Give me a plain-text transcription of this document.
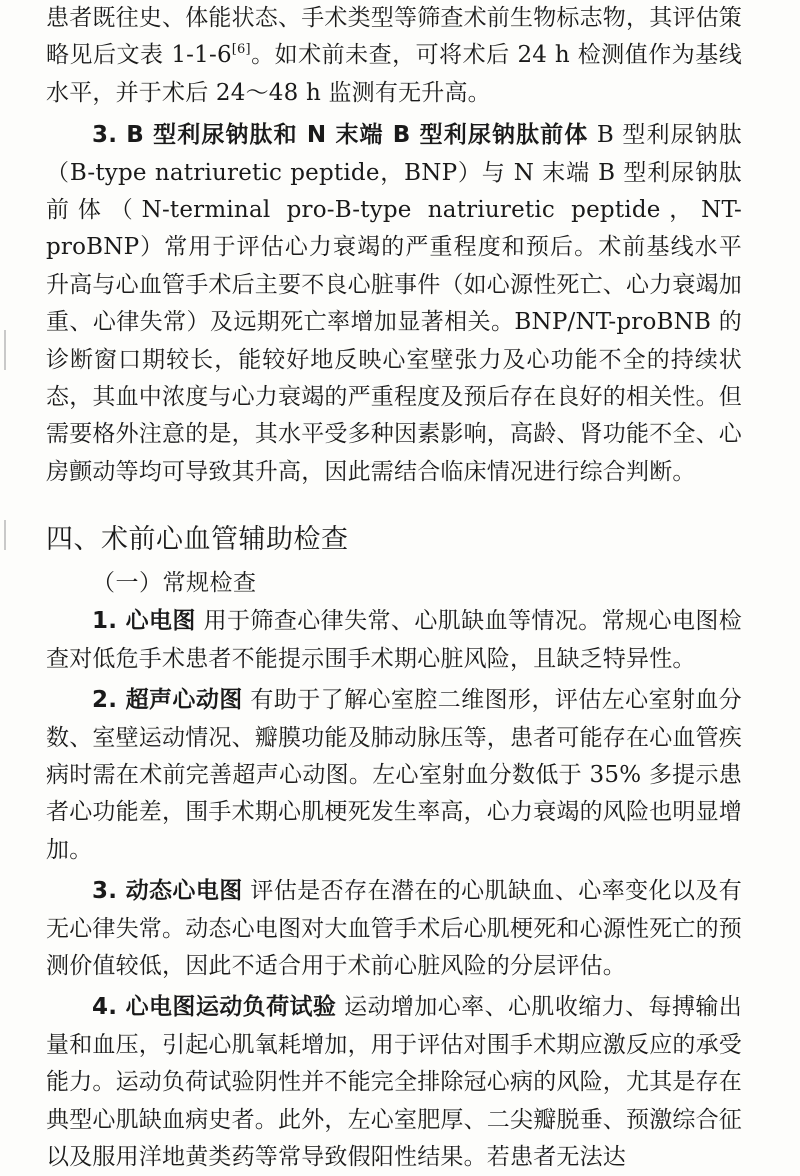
患者既往史、体能状态、手术类型等筛查术前生物标志物，其评估策略见后文表 1-1-6[6]。如术前未查，可将术后 24 h 检测值作为基线水平，并于术后 24～48 h 监测有无升高。

3. B 型利尿钠肽和 N 末端 B 型利尿钠肽前体 B 型利尿钠肽（B-type natriuretic peptide，BNP）与 N 末端 B 型利尿钠肽前体（N-terminal pro-B-type natriuretic peptide，NT-proBNP）常用于评估心力衰竭的严重程度和预后。术前基线水平升高与心血管手术后主要不良心脏事件（如心源性死亡、心力衰竭加重、心律失常）及远期死亡率增加显著相关。BNP/NT-proBNB 的诊断窗口期较长，能较好地反映心室壁张力及心功能不全的持续状态，其血中浓度与心力衰竭的严重程度及预后存在良好的相关性。但需要格外注意的是，其水平受多种因素影响，高龄、肾功能不全、心房颤动等均可导致其升高，因此需结合临床情况进行综合判断。

四、术前心血管辅助检查
（一）常规检查

1. 心电图 用于筛查心律失常、心肌缺血等情况。常规心电图检查对低危手术患者不能提示围手术期心脏风险，且缺乏特异性。

2. 超声心动图 有助于了解心室腔二维图形，评估左心室射血分数、室壁运动情况、瓣膜功能及肺动脉压等，患者可能存在心血管疾病时需在术前完善超声心动图。左心室射血分数低于 35% 多提示患者心功能差，围手术期心肌梗死发生率高，心力衰竭的风险也明显增加。

3. 动态心电图 评估是否存在潜在的心肌缺血、心率变化以及有无心律失常。动态心电图对大血管手术后心肌梗死和心源性死亡的预测价值较低，因此不适合用于术前心脏风险的分层评估。

4. 心电图运动负荷试验 运动增加心率、心肌收缩力、每搏输出量和血压，引起心肌氧耗增加，用于评估对围手术期应激反应的承受能力。运动负荷试验阴性并不能完全排除冠心病的风险，尤其是存在典型心肌缺血病史者。此外，左心室肥厚、二尖瓣脱垂、预激综合征以及服用洋地黄类药等常导致假阳性结果。若患者无法达
